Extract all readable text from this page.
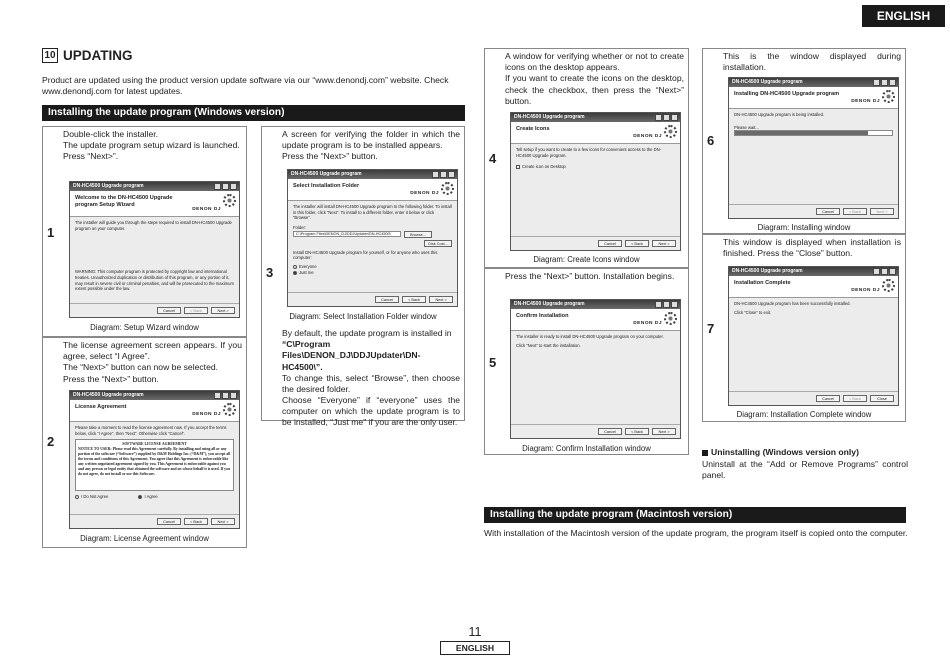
ENGLISH
10 UPDATING
Product are updated using the product version update software via our “www.denondj.com” website. Check www.denondj.com for latest updates.
Installing the update program (Windows version)
1
Double-click the installer.
The update program setup wizard is launched.
Press “Next>”.
DN-HC4500 Upgrade program
Welcome to the DN-HC4500 Upgrade program Setup Wizard
DENON DJ
The installer will guide you through the steps required to install DN-HC4500 Upgrade program on your computer.
WARNING: This computer program is protected by copyright law and international treaties. Unauthorized duplication or distribution of this program, or any portion of it, may result in severe civil or criminal penalties, and will be prosecuted to the maximum extent possible under the law.
Cancel	< Back	Next >
Diagram: Setup Wizard window
2
The license agreement screen appears. If you agree, select “I Agree”.
The “Next>” button can now be selected.
Press the “Next>” button.
DN-HC4500 Upgrade program
License Agreement
DENON DJ
Please take a moment to read the license agreement now. If you accept the terms below, click “I Agree”, then “Next”. Otherwise click “Cancel”.
SOFTWARE LICENSE AGREEMENT
NOTICE TO USER: Please read this Agreement carefully. By installing and using all or any portion of the software (“Software”) supplied by D&M Holdings Inc. (“D&M”), you accept all the terms and conditions of this Agreement. You agree that this Agreement is enforceable like any written negotiated agreement signed by you. This Agreement is enforceable against you and any person or legal entity that obtained the software and on whose behalf it is used. If you do not agree, do not install or use this Software.
I Do Not Agree	I Agree
Cancel	< Back	Next >
Diagram: License Agreement window
3
A screen for verifying the folder in which the update program is to be installed appears.
Press the “Next>” button.
DN-HC4500 Upgrade program
Select Installation Folder
DENON DJ
The installer will install DN-HC4500 Upgrade program to the following folder. To install in this folder, click “Next”. To install to a different folder, enter it below or click “Browse”.
Folder:
C:\Program Files\DENON_DJ\DDJUpdater\DN-HC4500\	Browse...
Disk Cost...
Install DN-HC4500 Upgrade program for yourself, or for anyone who uses this computer:
Everyone
Just me
Cancel	< Back	Next >
Diagram: Select Installation Folder window
By default, the update program is installed in
“C\Program Files\DENON_DJ\DDJUpdater\DN-HC4500\”.
To change this, select “Browse”, then choose the desired folder.
Choose “Everyone” if “everyone” uses the computer on which the update program is to be installed, “Just me” if you are the only user.
4
A window for verifying whether or not to create icons on the desktop appears.
If you want to create the icons on the desktop, check the checkbox, then press the “Next>” button.
DN-HC4500 Upgrade program
Create Icons
DENON DJ
Tell setup if you want to create to a few icons for convenient access to the DN-HC4500 Upgrade program.
Create icon on Desktop
Cancel	< Back	Next >
Diagram: Create Icons window
5
Press the “Next>” button. Installation begins.
DN-HC4500 Upgrade program
Confirm Installation
DENON DJ
The installer is ready to install DN-HC4500 Upgrade program on your computer.
Click “Next” to start the installation.
Cancel	< Back	Next >
Diagram: Confirm Installation window
6
This is the window displayed during installation.
DN-HC4500 Upgrade program
Installing DN-HC4500 Upgrade program
DENON DJ
DN-HC4500 Upgrade program is being installed.
Please wait...
Cancel	< Back	Next >
Diagram: Installing window
7
This window is displayed when installation is finished. Press the “Close” button.
DN-HC4500 Upgrade program
Installation Complete
DENON DJ
DN-HC4500 Upgrade program has been successfully installed.
Click “Close” to exit.
Cancel	< Back	Close
Diagram: Installation Complete window
Uninstalling (Windows version only)
Uninstall at the “Add or Remove Programs” control panel.
Installing the update program (Macintosh version)
With installation of the Macintosh version of the update program, the program itself is copied onto the computer.
11
ENGLISH
